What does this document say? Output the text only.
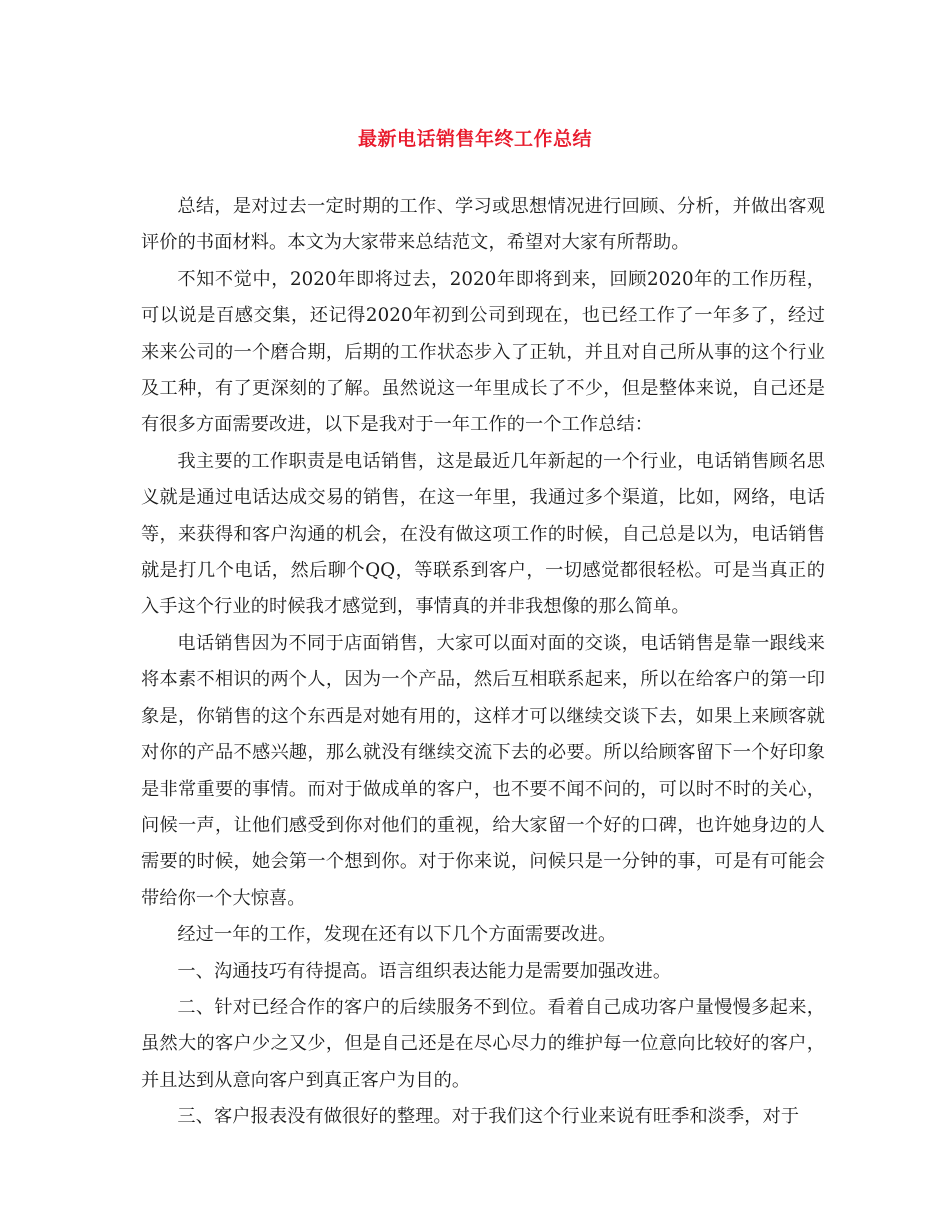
最新电话销售年终工作总结

总结，是对过去一定时期的工作、学习或思想情况进行回顾、分析，并做出客观评价的书面材料。本文为大家带来总结范文，希望对大家有所帮助。

不知不觉中，2020年即将过去，2020年即将到来，回顾2020年的工作历程，可以说是百感交集，还记得2020年初到公司到现在，也已经工作了一年多了，经过来来公司的一个磨合期，后期的工作状态步入了正轨，并且对自己所从事的这个行业及工种，有了更深刻的了解。虽然说这一年里成长了不少，但是整体来说，自己还是有很多方面需要改进，以下是我对于一年工作的一个工作总结：

我主要的工作职责是电话销售，这是最近几年新起的一个行业，电话销售顾名思义就是通过电话达成交易的销售，在这一年里，我通过多个渠道，比如，网络，电话等，来获得和客户沟通的机会，在没有做这项工作的时候，自己总是以为，电话销售就是打几个电话，然后聊个QQ，等联系到客户，一切感觉都很轻松。可是当真正的入手这个行业的时候我才感觉到，事情真的并非我想像的那么简单。

电话销售因为不同于店面销售，大家可以面对面的交谈，电话销售是靠一跟线来将本素不相识的两个人，因为一个产品，然后互相联系起来，所以在给客户的第一印象是，你销售的这个东西是对她有用的，这样才可以继续交谈下去，如果上来顾客就对你的产品不感兴趣，那么就没有继续交流下去的必要。所以给顾客留下一个好印象是非常重要的事情。而对于做成单的客户，也不要不闻不问的，可以时不时的关心，问候一声，让他们感受到你对他们的重视，给大家留一个好的口碑，也许她身边的人需要的时候，她会第一个想到你。对于你来说，问候只是一分钟的事，可是有可能会带给你一个大惊喜。

经过一年的工作，发现在还有以下几个方面需要改进。

一、沟通技巧有待提高。语言组织表达能力是需要加强改进。

二、针对已经合作的客户的后续服务不到位。看着自己成功客户量慢慢多起来，虽然大的客户少之又少，但是自己还是在尽心尽力的维护每一位意向比较好的客户，并且达到从意向客户到真正客户为目的。

三、客户报表没有做很好的整理。对于我们这个行业来说有旺季和淡季，对于
